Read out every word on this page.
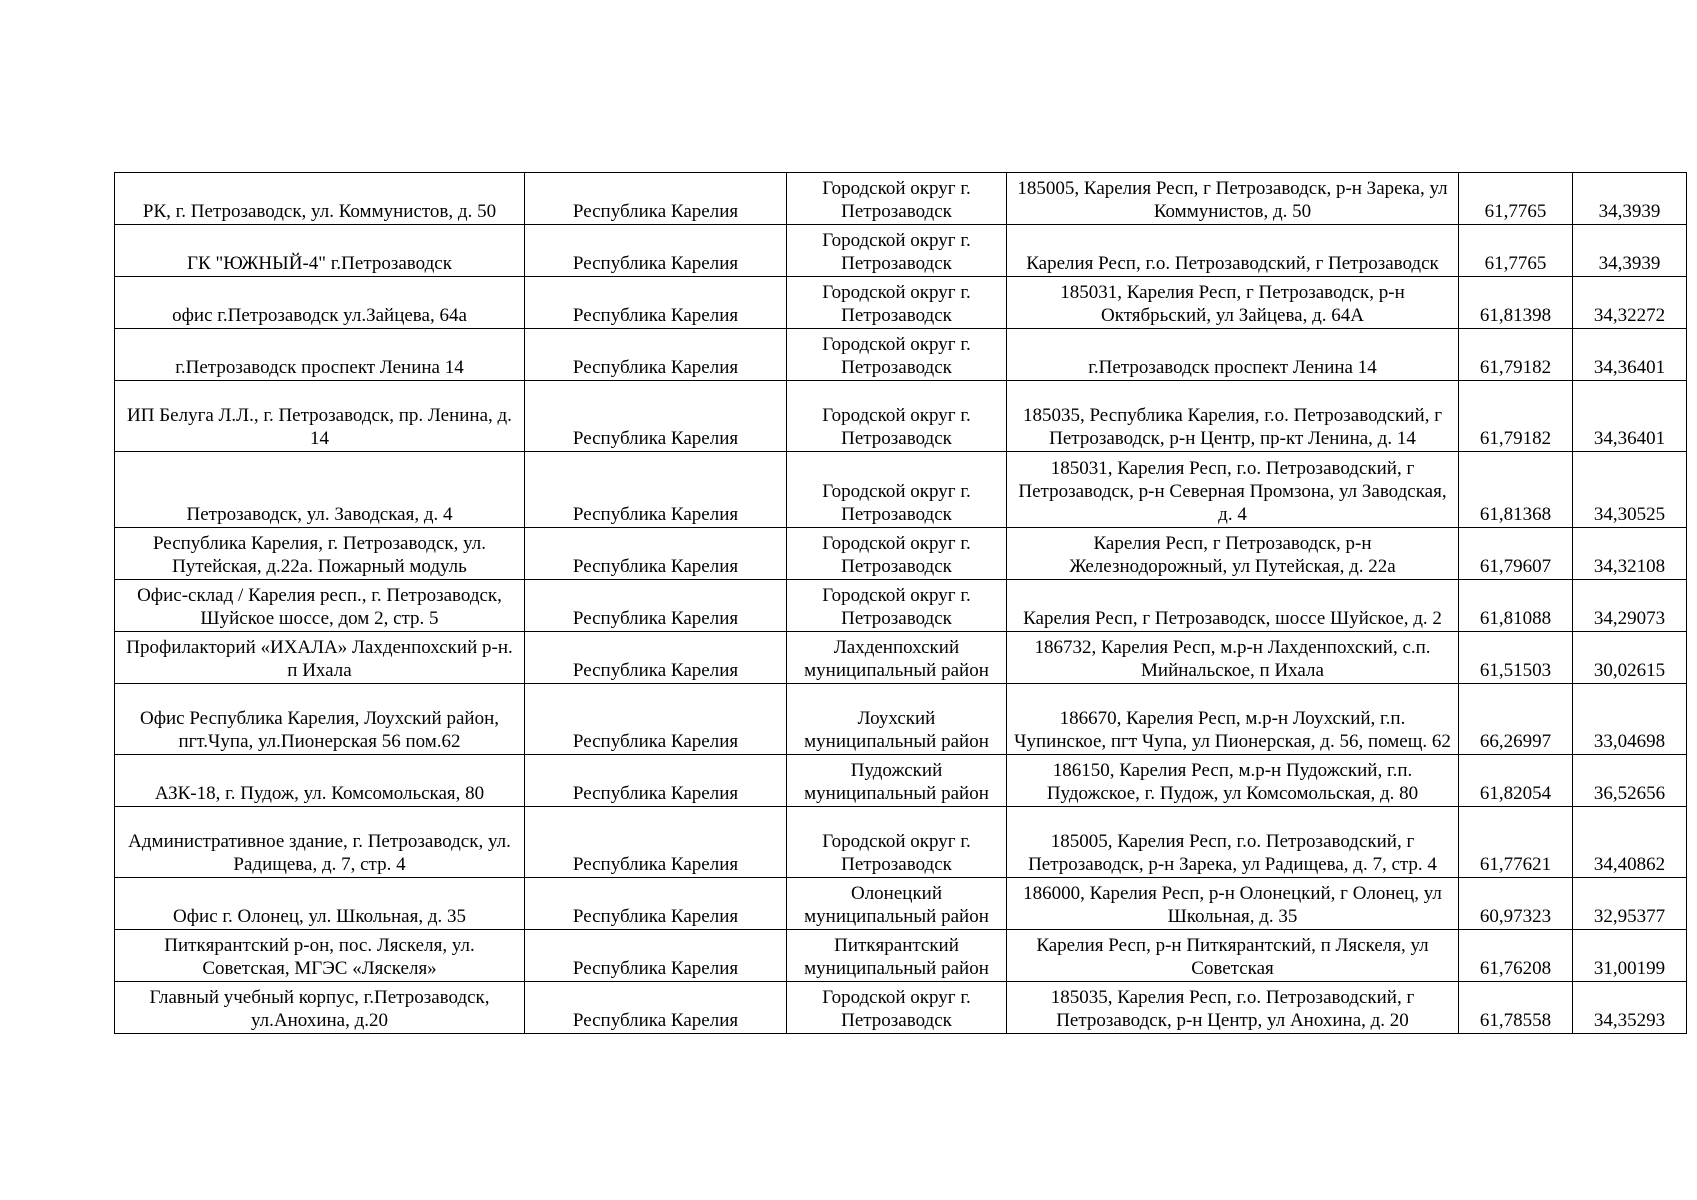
РК, г. Петрозаводск, ул. Коммунистов, д. 50	Республика Карелия	Городской округ г. Петрозаводск	185005, Карелия Респ, г Петрозаводск, р-н Зарека, ул Коммунистов, д. 50	61,7765	34,3939
ГК "ЮЖНЫЙ-4" г.Петрозаводск	Республика Карелия	Городской округ г. Петрозаводск	Карелия Респ, г.о. Петрозаводский, г Петрозаводск	61,7765	34,3939
офис г.Петрозаводск ул.Зайцева, 64а	Республика Карелия	Городской округ г. Петрозаводск	185031, Карелия Респ, г Петрозаводск, р-н Октябрьский, ул Зайцева, д. 64А	61,81398	34,32272
г.Петрозаводск проспект Ленина 14	Республика Карелия	Городской округ г. Петрозаводск	г.Петрозаводск проспект Ленина 14	61,79182	34,36401
ИП Белуга Л.Л., г. Петрозаводск, пр. Ленина, д. 14	Республика Карелия	Городской округ г. Петрозаводск	185035, Республика Карелия, г.о. Петрозаводский, г Петрозаводск, р-н Центр, пр-кт Ленина, д. 14	61,79182	34,36401
Петрозаводск, ул. Заводская, д. 4	Республика Карелия	Городской округ г. Петрозаводск	185031, Карелия Респ, г.о. Петрозаводский, г Петрозаводск, р-н Северная Промзона, ул Заводская, д. 4	61,81368	34,30525
Республика Карелия, г. Петрозаводск, ул. Путейская, д.22а. Пожарный модуль	Республика Карелия	Городской округ г. Петрозаводск	Карелия Респ, г Петрозаводск, р-н Железнодорожный, ул Путейская, д. 22а	61,79607	34,32108
Офис-склад / Карелия респ., г. Петрозаводск, Шуйское шоссе, дом 2, стр. 5	Республика Карелия	Городской округ г. Петрозаводск	Карелия Респ, г Петрозаводск, шоссе Шуйское, д. 2	61,81088	34,29073
Профилакторий «ИХАЛА» Лахденпохский р-н. п Ихала	Республика Карелия	Лахденпохский муниципальный район	186732, Карелия Респ, м.р-н Лахденпохский, с.п. Мийнальское, п Ихала	61,51503	30,02615
Офис Республика Карелия, Лоухский район, пгт.Чупа, ул.Пионерская 56 пом.62	Республика Карелия	Лоухский муниципальный район	186670, Карелия Респ, м.р-н Лоухский, г.п. Чупинское, пгт Чупа, ул Пионерская, д. 56, помещ. 62	66,26997	33,04698
АЗК-18, г. Пудож, ул. Комсомольская, 80	Республика Карелия	Пудожский муниципальный район	186150, Карелия Респ, м.р-н Пудожский, г.п. Пудожское, г. Пудож, ул Комсомольская, д. 80	61,82054	36,52656
Административное здание, г. Петрозаводск, ул. Радищева, д. 7, стр. 4	Республика Карелия	Городской округ г. Петрозаводск	185005, Карелия Респ, г.о. Петрозаводский, г Петрозаводск, р-н Зарека, ул Радищева, д. 7, стр. 4	61,77621	34,40862
Офис г. Олонец, ул. Школьная, д. 35	Республика Карелия	Олонецкий муниципальный район	186000, Карелия Респ, р-н Олонецкий, г Олонец, ул Школьная, д. 35	60,97323	32,95377
Питкярантский р-он, пос. Ляскеля, ул. Советская, МГЭС «Ляскеля»	Республика Карелия	Питкярантский муниципальный район	Карелия Респ, р-н Питкярантский, п Ляскеля, ул Советская	61,76208	31,00199
Главный учебный корпус, г.Петрозаводск, ул.Анохина, д.20	Республика Карелия	Городской округ г. Петрозаводск	185035, Карелия Респ, г.о. Петрозаводский, г Петрозаводск, р-н Центр, ул Анохина, д. 20	61,78558	34,35293
